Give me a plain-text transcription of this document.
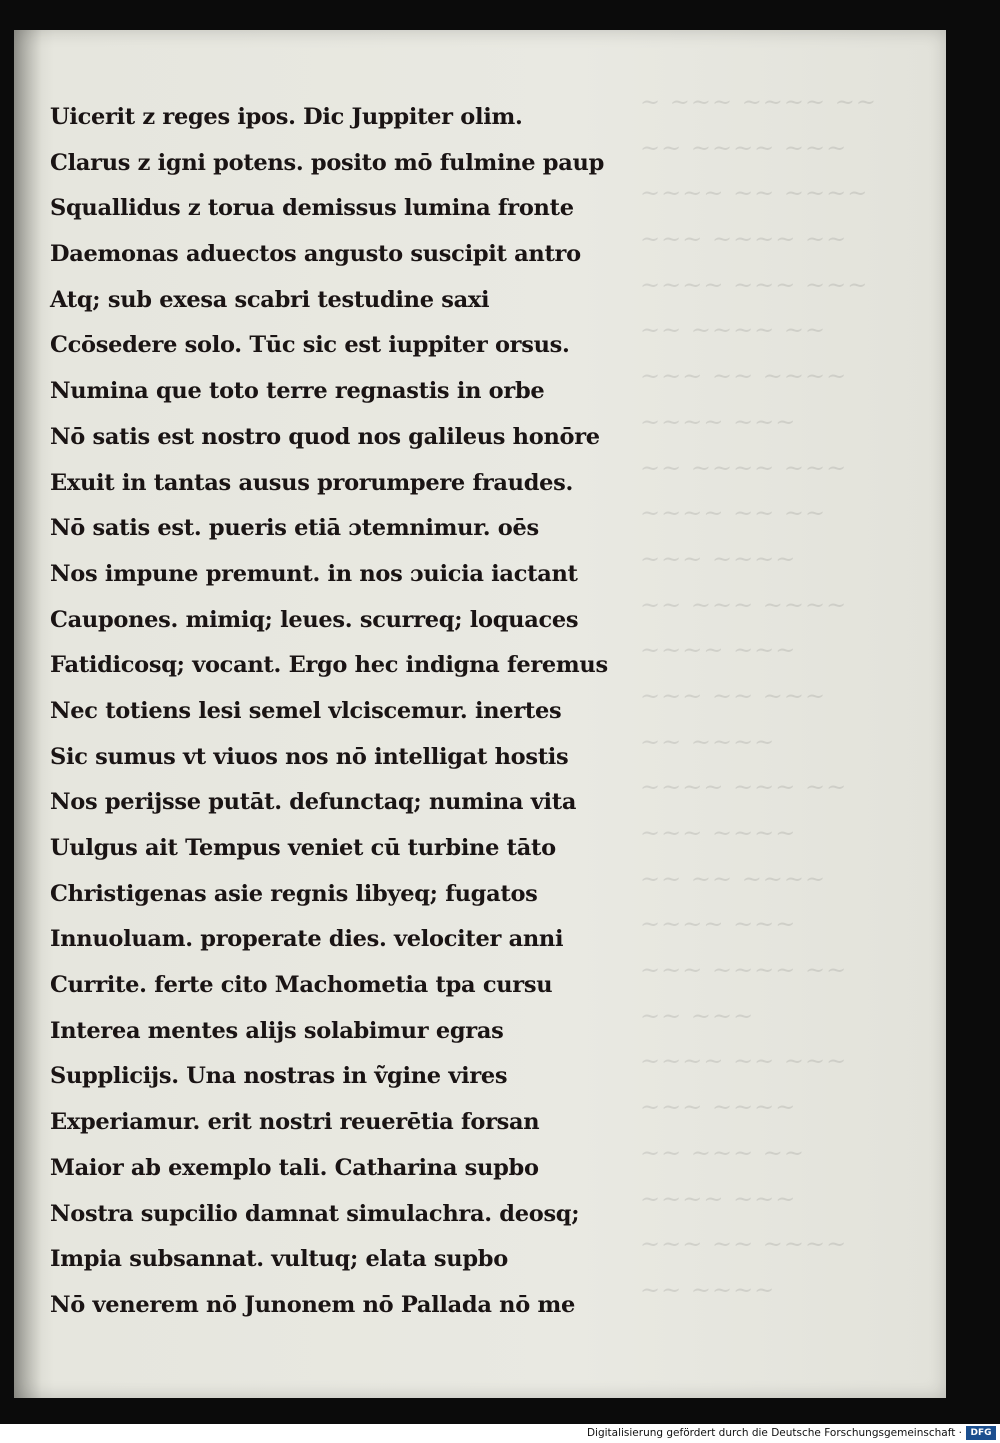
~ ~~~ ~~~~ ~~
~~ ~~~~ ~~~
~~~~ ~~ ~~~~
~~~ ~~~~ ~~
~~~~ ~~~ ~~~
~~ ~~~~ ~~
~~~ ~~ ~~~~
~~~~ ~~~
~~ ~~~~ ~~~
~~~~ ~~ ~~
~~~ ~~~~
~~ ~~~ ~~~~
~~~~ ~~~
~~~ ~~ ~~~
~~ ~~~~
~~~~ ~~~ ~~
~~~ ~~~~
~~ ~~ ~~~~
~~~~ ~~~
~~~ ~~~~ ~~
~~ ~~~
~~~~ ~~ ~~~
~~~ ~~~~
~~ ~~~ ~~
~~~~ ~~~
~~~ ~~ ~~~~
~~ ~~~~
Uicerit z reges ipos. Dic Juppiter olim.
Clarus z igni potens. posito mō fulmine paup
Squallidus z torua demissus lumina fronte
Daemonas aduectos angusto suscipit antro
Atq; sub exesa scabri testudine saxi
Ccōsedere solo. Tūc sic est iuppiter orsus.
Numina que toto terre regnastis in orbe
Nō satis est nostro quod nos galileus honōre
Exuit in tantas ausus prorumpere fraudes.
Nō satis est. pueris etiā ɔtemnimur. oēs
Nos impune premunt. in nos ɔuicia iactant
Caupones. mimiq; leues. scurreq; loquaces
Fatidicosq; vocant. Ergo hec indigna feremus
Nec totiens lesi semel vlciscemur. inertes
Sic sumus vt viuos nos nō intelligat hostis
Nos perijsse putāt. defunctaq; numina vita
Uulgus ait Tempus veniet cū turbine tāto
Christigenas asie regnis libyeq; fugatos
Innuoluam. properate dies. velociter anni
Currite. ferte cito Machometia tpa cursu
Interea mentes alijs solabimur egras
Supplicijs. Una nostras in ṽgine vires
Experiamur. erit nostri reuerētia forsan
Maior ab exemplo tali. Catharina supbo
Nostra supcilio damnat simulachra. deosq;
Impia subsannat. vultuq; elata supbo
Nō venerem nō Junonem nō Pallada nō me
Digitalisierung gefördert durch die Deutsche Forschungsgemeinschaft · DFG
